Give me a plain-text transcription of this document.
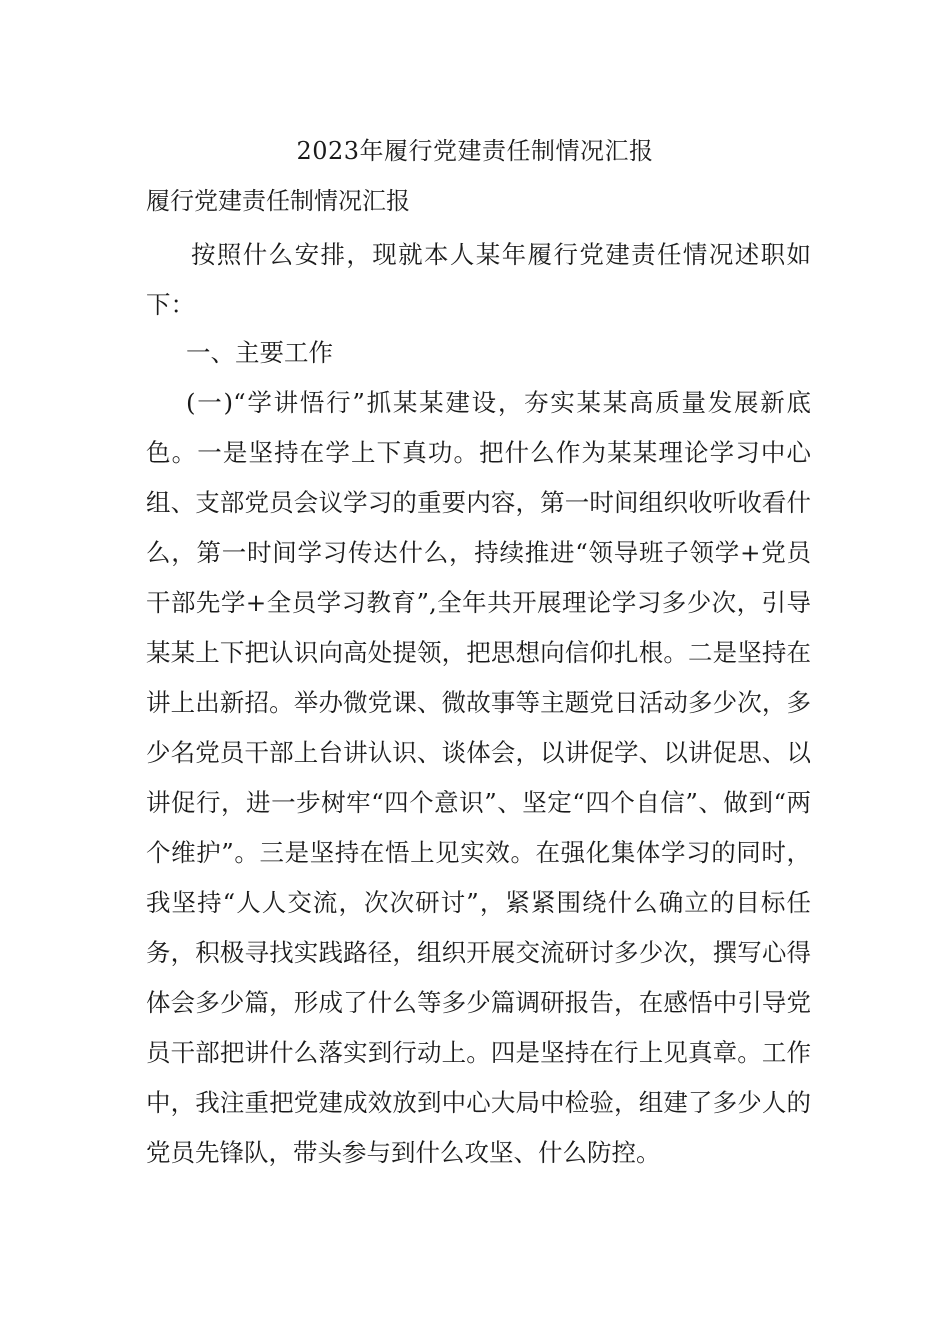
2023年履行党建责任制情况汇报

履行党建责任制情况汇报

按照什么安排，现就本人某年履行党建责任情况述职如下：

一、主要工作

(一)“学讲悟行”抓某某建设，夯实某某高质量发展新底色。一是坚持在学上下真功。把什么作为某某理论学习中心组、支部党员会议学习的重要内容，第一时间组织收听收看什么，第一时间学习传达什么，持续推进“领导班子领学+党员干部先学+全员学习教育”,全年共开展理论学习多少次，引导某某上下把认识向高处提领，把思想向信仰扎根。二是坚持在讲上出新招。举办微党课、微故事等主题党日活动多少次，多少名党员干部上台讲认识、谈体会，以讲促学、以讲促思、以讲促行，进一步树牢“四个意识”、坚定“四个自信”、做到“两个维护”。三是坚持在悟上见实效。在强化集体学习的同时，我坚持“人人交流，次次研讨”，紧紧围绕什么确立的目标任务，积极寻找实践路径，组织开展交流研讨多少次，撰写心得体会多少篇，形成了什么等多少篇调研报告，在感悟中引导党员干部把讲什么落实到行动上。四是坚持在行上见真章。工作中，我注重把党建成效放到中心大局中检验，组建了多少人的党员先锋队，带头参与到什么攻坚、什么防控。
